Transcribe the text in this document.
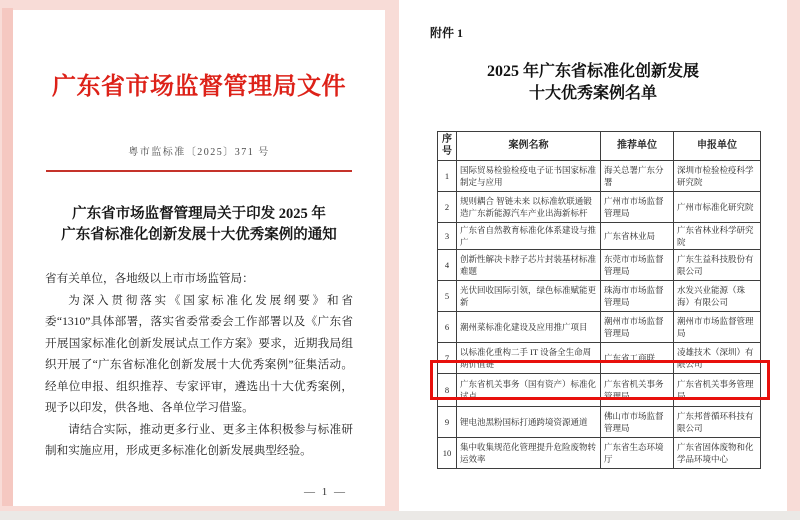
广东省市场监督管理局文件
粤市监标准〔2025〕371 号
广东省市场监督管理局关于印发 2025 年
广东省标准化创新发展十大优秀案例的通知

省有关单位，各地级以上市市场监管局：

为深入贯彻落实《国家标准化发展纲要》和省委“1310”具体部署，落实省委常委会工作部署以及《广东省开展国家标准化创新发展试点工作方案》要求，近期我局组织开展了“广东省标准化创新发展十大优秀案例”征集活动。经单位申报、组织推荐、专家评审，遴选出十大优秀案例，现予以印发，供各地、各单位学习借鉴。

请结合实际，推动更多行业、更多主体积极参与标准研制和实施应用，形成更多标准化创新发展典型经验。

— 1 —
附件 1
2025 年广东省标准化创新发展
十大优秀案例名单
序号	案例名称	推荐单位	申报单位
1	国际贸易检验检疫电子证书国家标准制定与应用	海关总署广东分署	深圳市检验检疫科学研究院
2	规则耦合 智链未来 以标准软联通锻造广东新能源汽车产业出海新标杆	广州市市场监督管理局	广州市标准化研究院
3	广东省自然教育标准化体系建设与推广	广东省林业局	广东省林业科学研究院
4	创新性解决卡脖子芯片封装基材标准难题	东莞市市场监督管理局	广东生益科技股份有限公司
5	光伏回收国际引领，绿色标准赋能更新	珠海市市场监督管理局	水发兴业能源（珠海）有限公司
6	潮州菜标准化建设及应用推广项目	潮州市市场监督管理局	潮州市市场监督管理局
7	以标准化重构二手 IT 设备全生命周期价值链	广东省工商联	凌雄技术（深圳）有限公司
8	广东省机关事务（国有资产）标准化试点	广东省机关事务管理局	广东省机关事务管理局
9	锂电池黑粉国标打通跨境资源通道	佛山市市场监督管理局	广东邦普循环科技有限公司
10	集中收集规范化管理提升危险废物转运效率	广东省生态环境厅	广东省固体废物和化学品环境中心
